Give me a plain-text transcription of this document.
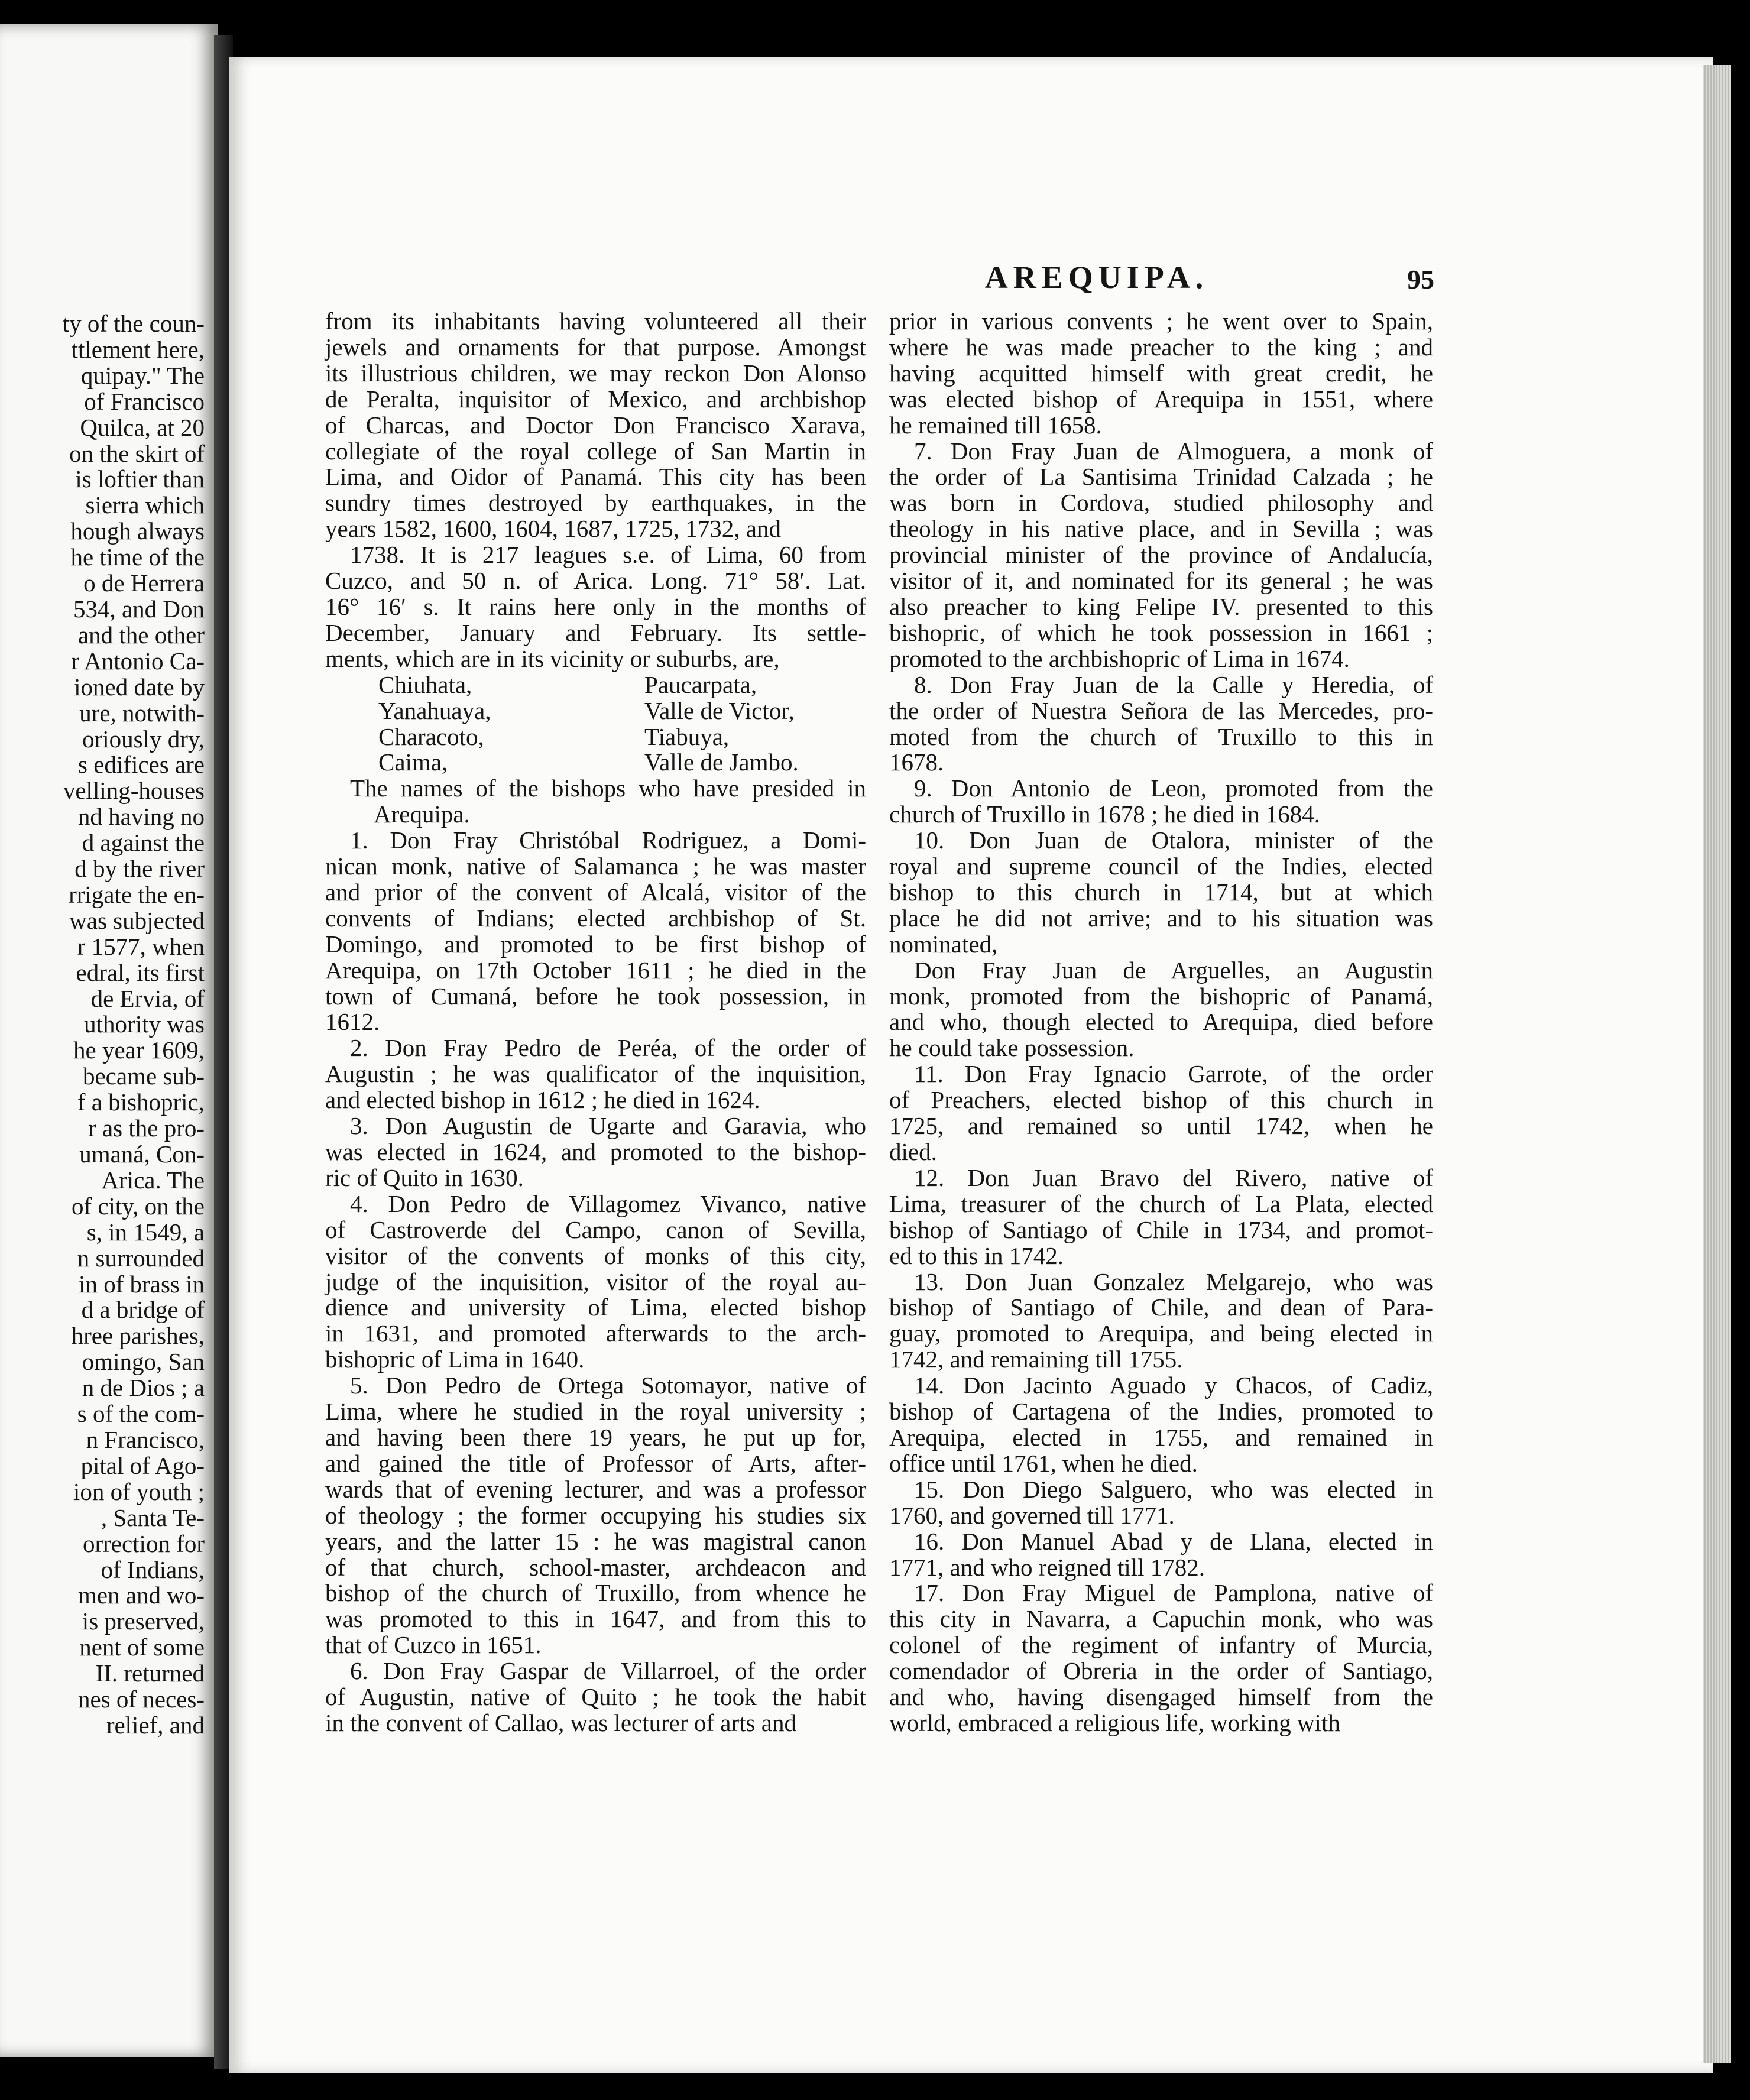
ty of the coun-
ttlement here,
quipay." The
of Francisco
Quilca, at 20
on the skirt of
is loftier than
sierra which
hough always
he time of the
o de Herrera
534, and Don
and the other
r Antonio Ca-
ioned date by
ure, notwith-
oriously dry,
s edifices are
velling-houses
nd having no
d against the
d by the river
rrigate the en-
was subjected
r 1577, when
edral, its first
de Ervia, of
uthority was
he year 1609,
became sub-
f a bishopric,
r as the pro-
umaná, Con-
Arica. The
of city, on the
s, in 1549, a
n surrounded
in of brass in
d a bridge of
hree parishes,
omingo, San
n de Dios ; a
s of the com-
n Francisco,
pital of Ago-
ion of youth ;
, Santa Te-
orrection for
of Indians,
men and wo-
is preserved,
nent of some
II. returned
nes of neces-
relief, and
AREQUIPA.	95
from its inhabitants having volunteered all their
jewels and ornaments for that purpose. Amongst
its illustrious children, we may reckon Don Alonso
de Peralta, inquisitor of Mexico, and archbishop
of Charcas, and Doctor Don Francisco Xarava,
collegiate of the royal college of San Martin in
Lima, and Oidor of Panamá. This city has been
sundry times destroyed by earthquakes, in the
years 1582, 1600, 1604, 1687, 1725, 1732, and
1738. It is 217 leagues s.e. of Lima, 60 from
Cuzco, and 50 n. of Arica. Long. 71° 58′. Lat.
16° 16′ s. It rains here only in the months of
December, January and February. Its settle-
ments, which are in its vicinity or suburbs, are,
Chiuhata,	Paucarpata,
Yanahuaya,	Valle de Victor,
Characoto,	Tiabuya,
Caima,	Valle de Jambo.
The names of the bishops who have presided in
Arequipa.
1. Don Fray Christóbal Rodriguez, a Domi-
nican monk, native of Salamanca ; he was master
and prior of the convent of Alcalá, visitor of the
convents of Indians; elected archbishop of St.
Domingo, and promoted to be first bishop of
Arequipa, on 17th October 1611 ; he died in the
town of Cumaná, before he took possession, in
1612.
2. Don Fray Pedro de Peréa, of the order of
Augustin ; he was qualificator of the inquisition,
and elected bishop in 1612 ; he died in 1624.
3. Don Augustin de Ugarte and Garavia, who
was elected in 1624, and promoted to the bishop-
ric of Quito in 1630.
4. Don Pedro de Villagomez Vivanco, native
of Castroverde del Campo, canon of Sevilla,
visitor of the convents of monks of this city,
judge of the inquisition, visitor of the royal au-
dience and university of Lima, elected bishop
in 1631, and promoted afterwards to the arch-
bishopric of Lima in 1640.
5. Don Pedro de Ortega Sotomayor, native of
Lima, where he studied in the royal university ;
and having been there 19 years, he put up for,
and gained the title of Professor of Arts, after-
wards that of evening lecturer, and was a professor
of theology ; the former occupying his studies six
years, and the latter 15 : he was magistral canon
of that church, school-master, archdeacon and
bishop of the church of Truxillo, from whence he
was promoted to this in 1647, and from this to
that of Cuzco in 1651.
6. Don Fray Gaspar de Villarroel, of the order
of Augustin, native of Quito ; he took the habit
in the convent of Callao, was lecturer of arts and
prior in various convents ; he went over to Spain,
where he was made preacher to the king ; and
having acquitted himself with great credit, he
was elected bishop of Arequipa in 1551, where
he remained till 1658.
7. Don Fray Juan de Almoguera, a monk of
the order of La Santisima Trinidad Calzada ; he
was born in Cordova, studied philosophy and
theology in his native place, and in Sevilla ; was
provincial minister of the province of Andalucía,
visitor of it, and nominated for its general ; he was
also preacher to king Felipe IV. presented to this
bishopric, of which he took possession in 1661 ;
promoted to the archbishopric of Lima in 1674.
8. Don Fray Juan de la Calle y Heredia, of
the order of Nuestra Señora de las Mercedes, pro-
moted from the church of Truxillo to this in
1678.
9. Don Antonio de Leon, promoted from the
church of Truxillo in 1678 ; he died in 1684.
10. Don Juan de Otalora, minister of the
royal and supreme council of the Indies, elected
bishop to this church in 1714, but at which
place he did not arrive; and to his situation was
nominated,
Don Fray Juan de Arguelles, an Augustin
monk, promoted from the bishopric of Panamá,
and who, though elected to Arequipa, died before
he could take possession.
11. Don Fray Ignacio Garrote, of the order
of Preachers, elected bishop of this church in
1725, and remained so until 1742, when he
died.
12. Don Juan Bravo del Rivero, native of
Lima, treasurer of the church of La Plata, elected
bishop of Santiago of Chile in 1734, and promot-
ed to this in 1742.
13. Don Juan Gonzalez Melgarejo, who was
bishop of Santiago of Chile, and dean of Para-
guay, promoted to Arequipa, and being elected in
1742, and remaining till 1755.
14. Don Jacinto Aguado y Chacos, of Cadiz,
bishop of Cartagena of the Indies, promoted to
Arequipa, elected in 1755, and remained in
office until 1761, when he died.
15. Don Diego Salguero, who was elected in
1760, and governed till 1771.
16. Don Manuel Abad y de Llana, elected in
1771, and who reigned till 1782.
17. Don Fray Miguel de Pamplona, native of
this city in Navarra, a Capuchin monk, who was
colonel of the regiment of infantry of Murcia,
comendador of Obreria in the order of Santiago,
and who, having disengaged himself from the
world, embraced a religious life, working with
